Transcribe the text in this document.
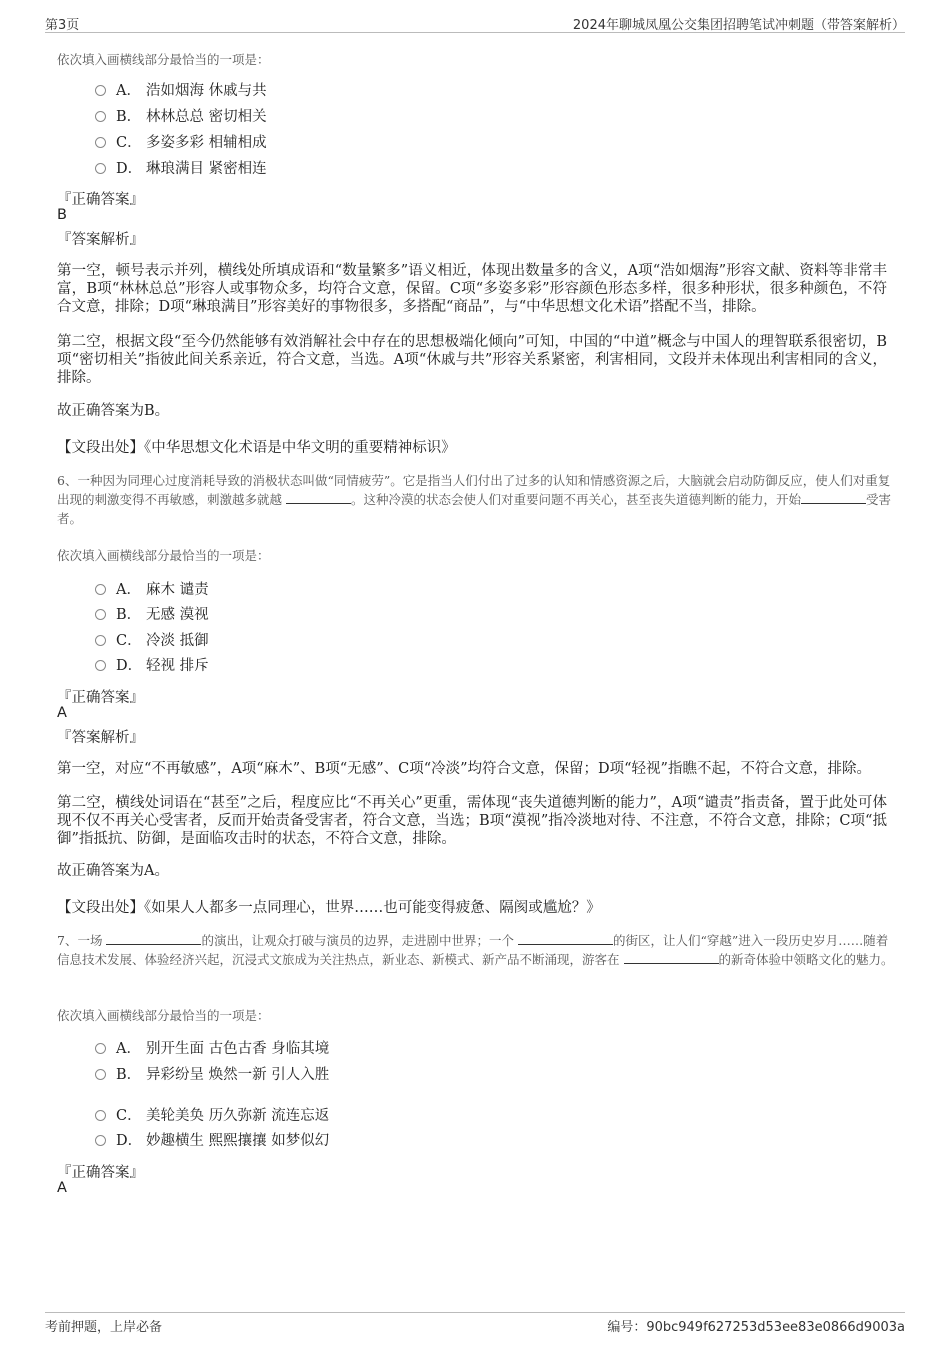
第3页	2024年聊城凤凰公交集团招聘笔试冲刺题（带答案解析）
依次填入画横线部分最恰当的一项是：
A． 浩如烟海 休戚与共
B． 林林总总 密切相关
C． 多姿多彩 相辅相成
D． 琳琅满目 紧密相连
『正确答案』
B
『答案解析』
第一空，顿号表示并列，横线处所填成语和“数量繁多”语义相近，体现出数量多的含义，A项“浩如烟海”形容文献、资料等非常丰富，B项“林林总总”形容人或事物众多，均符合文意，保留。C项“多姿多彩”形容颜色形态多样，很多种形状，很多种颜色，不符合文意，排除；D项“琳琅满目”形容美好的事物很多，多搭配“商品”，与“中华思想文化术语”搭配不当，排除。
第二空，根据文段“至今仍然能够有效消解社会中存在的思想极端化倾向”可知，中国的“中道”概念与中国人的理智联系很密切，B项“密切相关”指彼此间关系亲近，符合文意，当选。A项“休戚与共”形容关系紧密，利害相同，文段并未体现出利害相同的含义，排除。
故正确答案为B。
【文段出处】《中华思想文化术语是中华文明的重要精神标识》
6、一种因为同理心过度消耗导致的消极状态叫做“同情疲劳”。它是指当人们付出了过多的认知和情感资源之后，大脑就会启动防御反应，使人们对重复出现的刺激变得不再敏感，刺激越多就越	。这种冷漠的状态会使人们对重要问题不再关心，甚至丧失道德判断的能力，开始	受害者。
依次填入画横线部分最恰当的一项是：
A． 麻木 谴责
B． 无感 漠视
C． 冷淡 抵御
D． 轻视 排斥
『正确答案』
A
『答案解析』
第一空，对应“不再敏感”，A项“麻木”、B项“无感”、C项“冷淡”均符合文意，保留；D项“轻视”指瞧不起，不符合文意，排除。
第二空，横线处词语在“甚至”之后，程度应比“不再关心”更重，需体现“丧失道德判断的能力”，A项“谴责”指责备，置于此处可体现不仅不再关心受害者，反而开始责备受害者，符合文意，当选；B项“漠视”指冷淡地对待、不注意，不符合文意，排除；C项“抵御”指抵抗、防御，是面临攻击时的状态，不符合文意，排除。
故正确答案为A。
【文段出处】《如果人人都多一点同理心，世界……也可能变得疲惫、隔阂或尴尬？》
7、一场	的演出，让观众打破与演员的边界，走进剧中世界；一个	的街区，让人们“穿越”进入一段历史岁月……随着信息技术发展、体验经济兴起，沉浸式文旅成为关注热点，新业态、新模式、新产品不断涌现，游客在	的新奇体验中领略文化的魅力。
依次填入画横线部分最恰当的一项是：
A． 别开生面 古色古香 身临其境
B． 异彩纷呈 焕然一新 引人入胜
C． 美轮美奂 历久弥新 流连忘返
D． 妙趣横生 熙熙攘攘 如梦似幻
『正确答案』
A
考前押题，上岸必备	编号：90bc949f627253d53ee83e0866d9003a
